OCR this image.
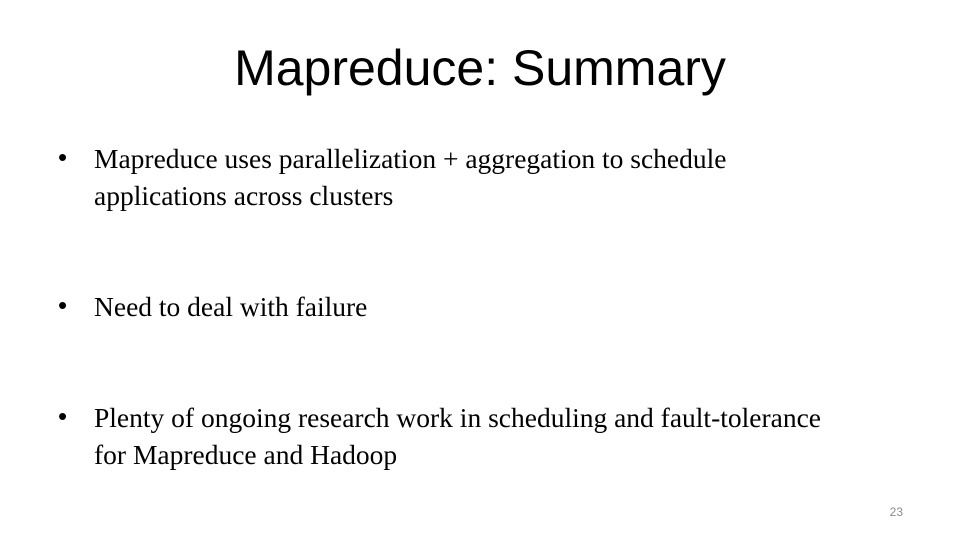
Mapreduce: Summary
• Mapreduce uses parallelization + aggregation to schedule applications across clusters
• Need to deal with failure
• Plenty of ongoing research work in scheduling and fault-tolerance for Mapreduce and Hadoop
23
